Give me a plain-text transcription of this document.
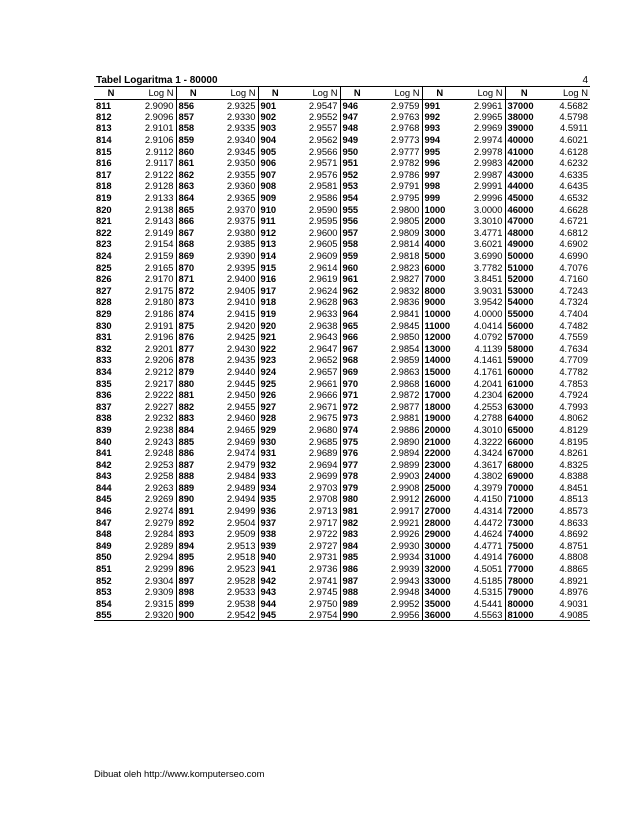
Tabel Logaritma 1 - 80000	4
N	Log N	N	Log N	N	Log N	N	Log N	N	Log N	N	Log N
811	2.9090	856	2.9325	901	2.9547	946	2.9759	991	2.9961	37000	4.5682
812	2.9096	857	2.9330	902	2.9552	947	2.9763	992	2.9965	38000	4.5798
813	2.9101	858	2.9335	903	2.9557	948	2.9768	993	2.9969	39000	4.5911
814	2.9106	859	2.9340	904	2.9562	949	2.9773	994	2.9974	40000	4.6021
815	2.9112	860	2.9345	905	2.9566	950	2.9777	995	2.9978	41000	4.6128
816	2.9117	861	2.9350	906	2.9571	951	2.9782	996	2.9983	42000	4.6232
817	2.9122	862	2.9355	907	2.9576	952	2.9786	997	2.9987	43000	4.6335
818	2.9128	863	2.9360	908	2.9581	953	2.9791	998	2.9991	44000	4.6435
819	2.9133	864	2.9365	909	2.9586	954	2.9795	999	2.9996	45000	4.6532
820	2.9138	865	2.9370	910	2.9590	955	2.9800	1000	3.0000	46000	4.6628
821	2.9143	866	2.9375	911	2.9595	956	2.9805	2000	3.3010	47000	4.6721
822	2.9149	867	2.9380	912	2.9600	957	2.9809	3000	3.4771	48000	4.6812
823	2.9154	868	2.9385	913	2.9605	958	2.9814	4000	3.6021	49000	4.6902
824	2.9159	869	2.9390	914	2.9609	959	2.9818	5000	3.6990	50000	4.6990
825	2.9165	870	2.9395	915	2.9614	960	2.9823	6000	3.7782	51000	4.7076
826	2.9170	871	2.9400	916	2.9619	961	2.9827	7000	3.8451	52000	4.7160
827	2.9175	872	2.9405	917	2.9624	962	2.9832	8000	3.9031	53000	4.7243
828	2.9180	873	2.9410	918	2.9628	963	2.9836	9000	3.9542	54000	4.7324
829	2.9186	874	2.9415	919	2.9633	964	2.9841	10000	4.0000	55000	4.7404
830	2.9191	875	2.9420	920	2.9638	965	2.9845	11000	4.0414	56000	4.7482
831	2.9196	876	2.9425	921	2.9643	966	2.9850	12000	4.0792	57000	4.7559
832	2.9201	877	2.9430	922	2.9647	967	2.9854	13000	4.1139	58000	4.7634
833	2.9206	878	2.9435	923	2.9652	968	2.9859	14000	4.1461	59000	4.7709
834	2.9212	879	2.9440	924	2.9657	969	2.9863	15000	4.1761	60000	4.7782
835	2.9217	880	2.9445	925	2.9661	970	2.9868	16000	4.2041	61000	4.7853
836	2.9222	881	2.9450	926	2.9666	971	2.9872	17000	4.2304	62000	4.7924
837	2.9227	882	2.9455	927	2.9671	972	2.9877	18000	4.2553	63000	4.7993
838	2.9232	883	2.9460	928	2.9675	973	2.9881	19000	4.2788	64000	4.8062
839	2.9238	884	2.9465	929	2.9680	974	2.9886	20000	4.3010	65000	4.8129
840	2.9243	885	2.9469	930	2.9685	975	2.9890	21000	4.3222	66000	4.8195
841	2.9248	886	2.9474	931	2.9689	976	2.9894	22000	4.3424	67000	4.8261
842	2.9253	887	2.9479	932	2.9694	977	2.9899	23000	4.3617	68000	4.8325
843	2.9258	888	2.9484	933	2.9699	978	2.9903	24000	4.3802	69000	4.8388
844	2.9263	889	2.9489	934	2.9703	979	2.9908	25000	4.3979	70000	4.8451
845	2.9269	890	2.9494	935	2.9708	980	2.9912	26000	4.4150	71000	4.8513
846	2.9274	891	2.9499	936	2.9713	981	2.9917	27000	4.4314	72000	4.8573
847	2.9279	892	2.9504	937	2.9717	982	2.9921	28000	4.4472	73000	4.8633
848	2.9284	893	2.9509	938	2.9722	983	2.9926	29000	4.4624	74000	4.8692
849	2.9289	894	2.9513	939	2.9727	984	2.9930	30000	4.4771	75000	4.8751
850	2.9294	895	2.9518	940	2.9731	985	2.9934	31000	4.4914	76000	4.8808
851	2.9299	896	2.9523	941	2.9736	986	2.9939	32000	4.5051	77000	4.8865
852	2.9304	897	2.9528	942	2.9741	987	2.9943	33000	4.5185	78000	4.8921
853	2.9309	898	2.9533	943	2.9745	988	2.9948	34000	4.5315	79000	4.8976
854	2.9315	899	2.9538	944	2.9750	989	2.9952	35000	4.5441	80000	4.9031
855	2.9320	900	2.9542	945	2.9754	990	2.9956	36000	4.5563	81000	4.9085
Dibuat oleh http://www.komputerseo.com
